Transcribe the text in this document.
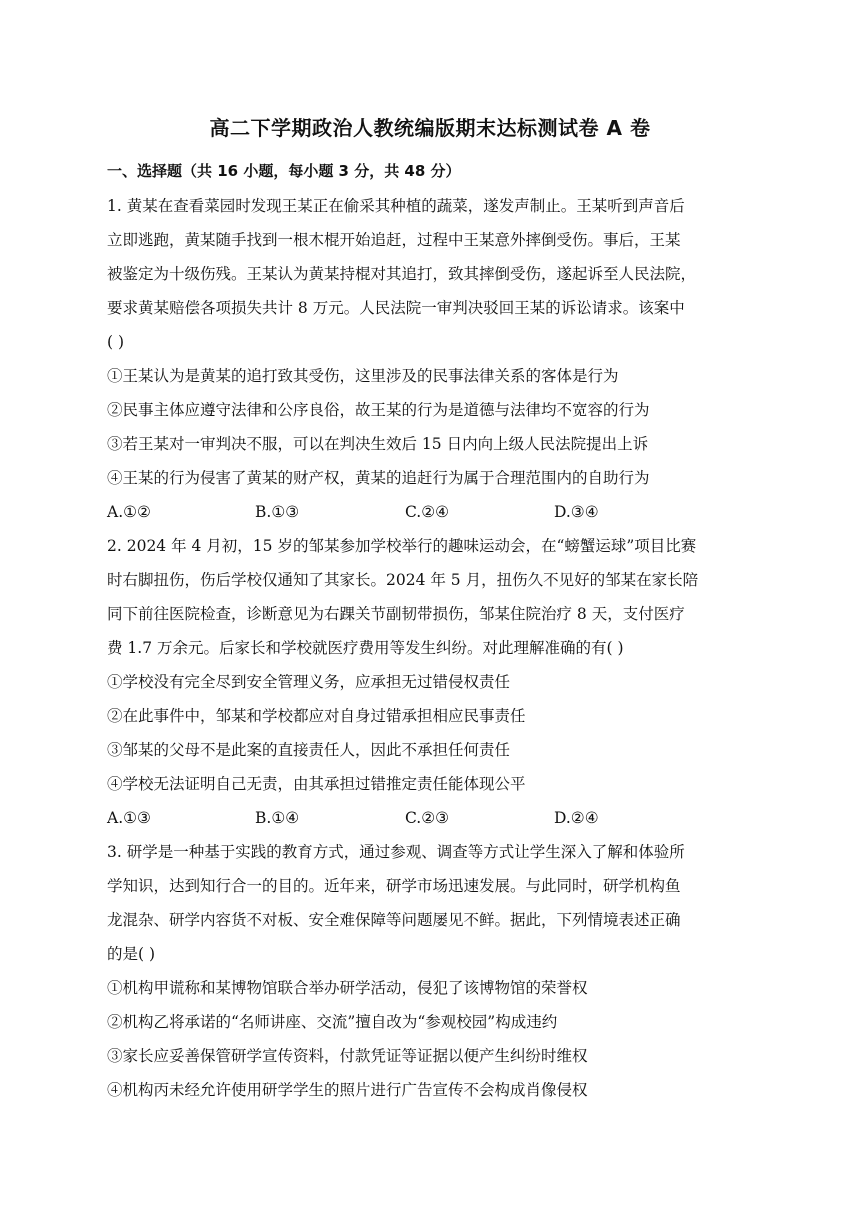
高二下学期政治人教统编版期末达标测试卷 A 卷
一、选择题（共 16 小题，每小题 3 分，共 48 分）
1. 黄某在查看菜园时发现王某正在偷采其种植的蔬菜，遂发声制止。王某听到声音后
立即逃跑，黄某随手找到一根木棍开始追赶，过程中王某意外摔倒受伤。事后，王某
被鉴定为十级伤残。王某认为黄某持棍对其追打，致其摔倒受伤，遂起诉至人民法院，
要求黄某赔偿各项损失共计 8 万元。人民法院一审判决驳回王某的诉讼请求。该案中
( )
①王某认为是黄某的追打致其受伤，这里涉及的民事法律关系的客体是行为
②民事主体应遵守法律和公序良俗，故王某的行为是道德与法律均不宽容的行为
③若王某对一审判决不服，可以在判决生效后 15 日内向上级人民法院提出上诉
④王某的行为侵害了黄某的财产权，黄某的追赶行为属于合理范围内的自助行为
A.①②	B.①③	C.②④	D.③④
2. 2024 年 4 月初，15 岁的邹某参加学校举行的趣味运动会，在“螃蟹运球”项目比赛
时右脚扭伤，伤后学校仅通知了其家长。2024 年 5 月，扭伤久不见好的邹某在家长陪
同下前往医院检查，诊断意见为右踝关节副韧带损伤，邹某住院治疗 8 天，支付医疗
费 1.7 万余元。后家长和学校就医疗费用等发生纠纷。对此理解准确的有( )
①学校没有完全尽到安全管理义务，应承担无过错侵权责任
②在此事件中，邹某和学校都应对自身过错承担相应民事责任
③邹某的父母不是此案的直接责任人，因此不承担任何责任
④学校无法证明自己无责，由其承担过错推定责任能体现公平
A.①③	B.①④	C.②③	D.②④
3. 研学是一种基于实践的教育方式，通过参观、调查等方式让学生深入了解和体验所
学知识，达到知行合一的目的。近年来，研学市场迅速发展。与此同时，研学机构鱼
龙混杂、研学内容货不对板、安全难保障等问题屡见不鲜。据此，下列情境表述正确
的是( )
①机构甲谎称和某博物馆联合举办研学活动，侵犯了该博物馆的荣誉权
②机构乙将承诺的“名师讲座、交流”擅自改为“参观校园”构成违约
③家长应妥善保管研学宣传资料，付款凭证等证据以便产生纠纷时维权
④机构丙未经允许使用研学学生的照片进行广告宣传不会构成肖像侵权
